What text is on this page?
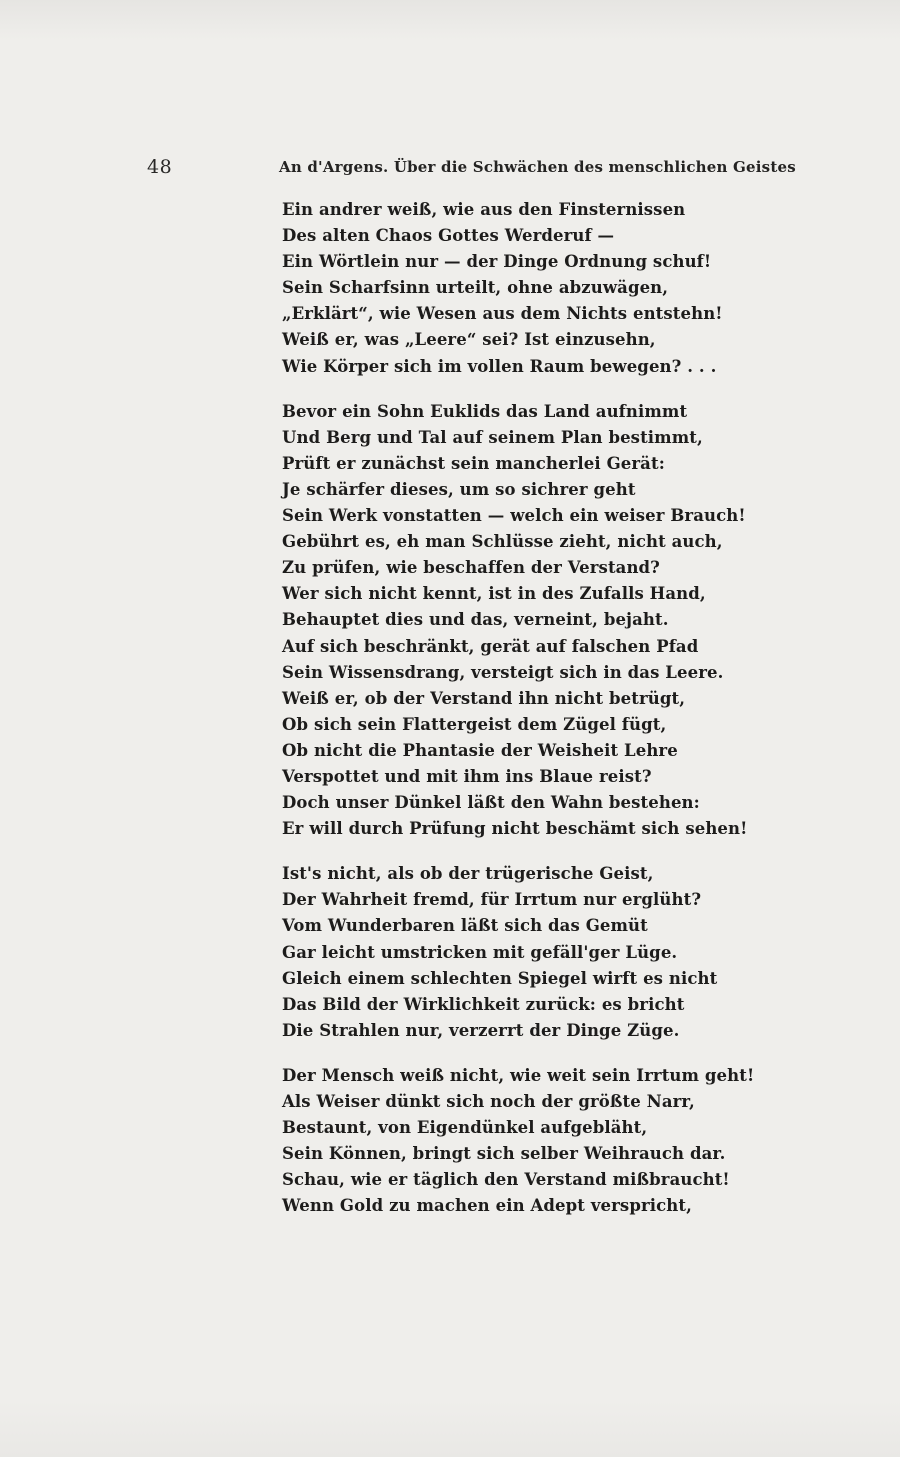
48	An d'Argens. Über die Schwächen des menschlichen Geistes
Ein andrer weiß, wie aus den Finsternissen
Des alten Chaos Gottes Werderuf —
Ein Wörtlein nur — der Dinge Ordnung schuf!
Sein Scharfsinn urteilt, ohne abzuwägen,
„Erklärt“, wie Wesen aus dem Nichts entstehn!
Weiß er, was „Leere“ sei? Ist einzusehn,
Wie Körper sich im vollen Raum bewegen? . . .
Bevor ein Sohn Euklids das Land aufnimmt
Und Berg und Tal auf seinem Plan bestimmt,
Prüft er zunächst sein mancherlei Gerät:
Je schärfer dieses, um so sichrer geht
Sein Werk vonstatten — welch ein weiser Brauch!
Gebührt es, eh man Schlüsse zieht, nicht auch,
Zu prüfen, wie beschaffen der Verstand?
Wer sich nicht kennt, ist in des Zufalls Hand,
Behauptet dies und das, verneint, bejaht.
Auf sich beschränkt, gerät auf falschen Pfad
Sein Wissensdrang, versteigt sich in das Leere.
Weiß er, ob der Verstand ihn nicht betrügt,
Ob sich sein Flattergeist dem Zügel fügt,
Ob nicht die Phantasie der Weisheit Lehre
Verspottet und mit ihm ins Blaue reist?
Doch unser Dünkel läßt den Wahn bestehen:
Er will durch Prüfung nicht beschämt sich sehen!
Ist's nicht, als ob der trügerische Geist,
Der Wahrheit fremd, für Irrtum nur erglüht?
Vom Wunderbaren läßt sich das Gemüt
Gar leicht umstricken mit gefäll'ger Lüge.
Gleich einem schlechten Spiegel wirft es nicht
Das Bild der Wirklichkeit zurück: es bricht
Die Strahlen nur, verzerrt der Dinge Züge.
Der Mensch weiß nicht, wie weit sein Irrtum geht!
Als Weiser dünkt sich noch der größte Narr,
Bestaunt, von Eigendünkel aufgebläht,
Sein Können, bringt sich selber Weihrauch dar.
Schau, wie er täglich den Verstand mißbraucht!
Wenn Gold zu machen ein Adept verspricht,
